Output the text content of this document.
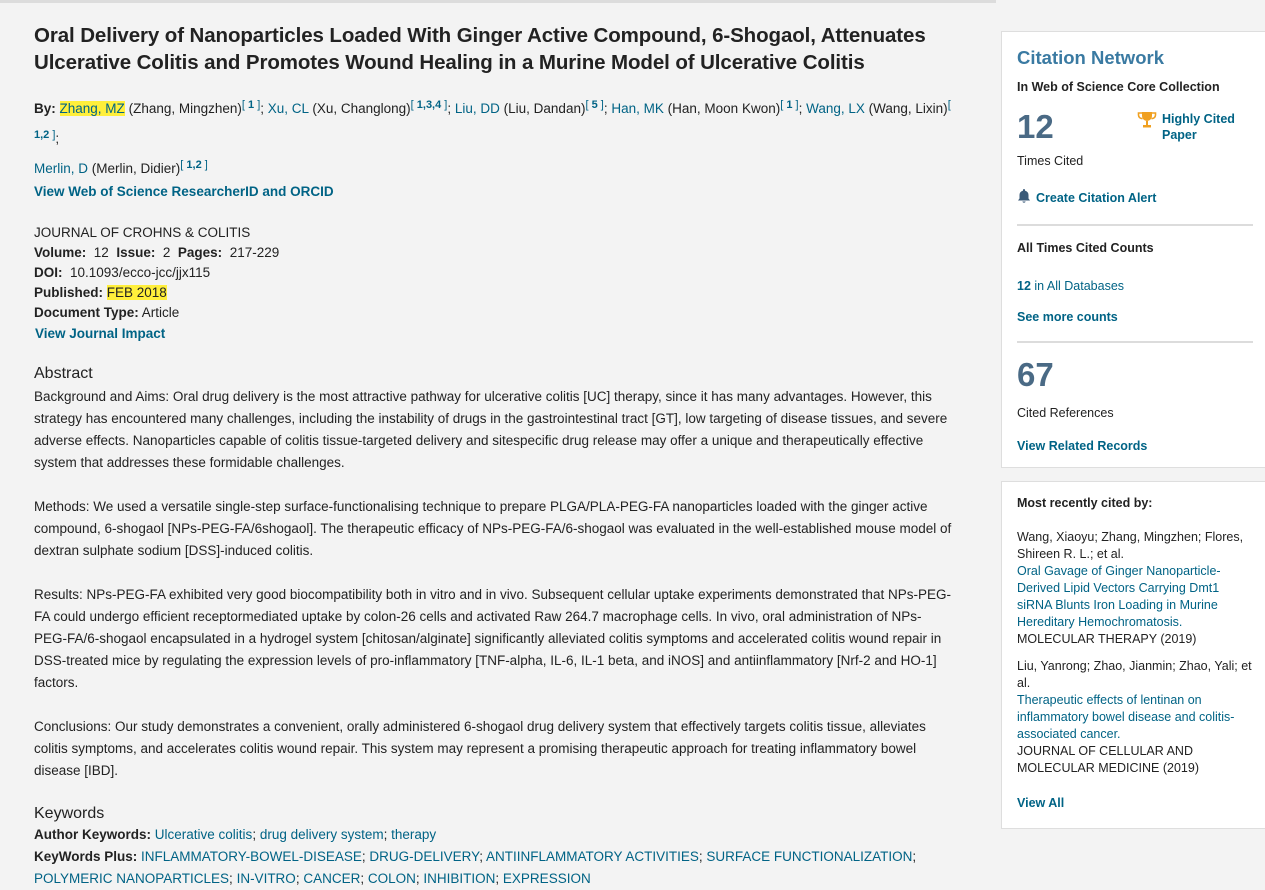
Oral Delivery of Nanoparticles Loaded With Ginger Active Compound, 6-Shogaol, Attenuates Ulcerative Colitis and Promotes Wound Healing in a Murine Model of Ulcerative Colitis
By: Zhang, MZ (Zhang, Mingzhen)[ 1 ]; Xu, CL (Xu, Changlong)[ 1,3,4 ]; Liu, DD (Liu, Dandan)[ 5 ]; Han, MK (Han, Moon Kwon)[ 1 ]; Wang, LX (Wang, Lixin)[ 1,2 ];
Merlin, D (Merlin, Didier)[ 1,2 ]
View Web of Science ResearcherID and ORCID
JOURNAL OF CROHNS & COLITIS
Volume: 12 Issue: 2 Pages: 217-229
DOI: 10.1093/ecco-jcc/jjx115
Published: FEB 2018
Document Type: Article
View Journal Impact
Abstract

Background and Aims: Oral drug delivery is the most attractive pathway for ulcerative colitis [UC] therapy, since it has many advantages. However, this strategy has encountered many challenges, including the instability of drugs in the gastrointestinal tract [GT], low targeting of disease tissues, and severe adverse effects. Nanoparticles capable of colitis tissue-targeted delivery and sitespecific drug release may offer a unique and therapeutically effective system that addresses these formidable challenges.

Methods: We used a versatile single-step surface-functionalising technique to prepare PLGA/PLA-PEG-FA nanoparticles loaded with the ginger active compound, 6-shogaol [NPs-PEG-FA/6shogaol]. The therapeutic efficacy of NPs-PEG-FA/6-shogaol was evaluated in the well-established mouse model of dextran sulphate sodium [DSS]-induced colitis.

Results: NPs-PEG-FA exhibited very good biocompatibility both in vitro and in vivo. Subsequent cellular uptake experiments demonstrated that NPs-PEG-FA could undergo efficient receptormediated uptake by colon-26 cells and activated Raw 264.7 macrophage cells. In vivo, oral administration of NPs-PEG-FA/6-shogaol encapsulated in a hydrogel system [chitosan/alginate] significantly alleviated colitis symptoms and accelerated colitis wound repair in DSS-treated mice by regulating the expression levels of pro-inflammatory [TNF-alpha, IL-6, IL-1 beta, and iNOS] and antiinflammatory [Nrf-2 and HO-1] factors.

Conclusions: Our study demonstrates a convenient, orally administered 6-shogaol drug delivery system that effectively targets colitis tissue, alleviates colitis symptoms, and accelerates colitis wound repair. This system may represent a promising therapeutic approach for treating inflammatory bowel disease [IBD].

Keywords
Author Keywords: Ulcerative colitis; drug delivery system; therapy
KeyWords Plus: INFLAMMATORY-BOWEL-DISEASE; DRUG-DELIVERY; ANTIINFLAMMATORY ACTIVITIES; SURFACE FUNCTIONALIZATION; POLYMERIC NANOPARTICLES; IN-VITRO; CANCER; COLON; INHIBITION; EXPRESSION
Citation Network
In Web of Science Core Collection
12
Times Cited
Highly Cited Paper
Create Citation Alert
All Times Cited Counts
12 in All Databases
See more counts
67
Cited References
View Related Records
Most recently cited by:
Wang, Xiaoyu; Zhang, Mingzhen; Flores, Shireen R. L.; et al.
Oral Gavage of Ginger Nanoparticle-Derived Lipid Vectors Carrying Dmt1 siRNA Blunts Iron Loading in Murine Hereditary Hemochromatosis.
MOLECULAR THERAPY (2019)
Liu, Yanrong; Zhao, Jianmin; Zhao, Yali; et al.
Therapeutic effects of lentinan on inflammatory bowel disease and colitis-associated cancer.
JOURNAL OF CELLULAR AND MOLECULAR MEDICINE (2019)
View All
